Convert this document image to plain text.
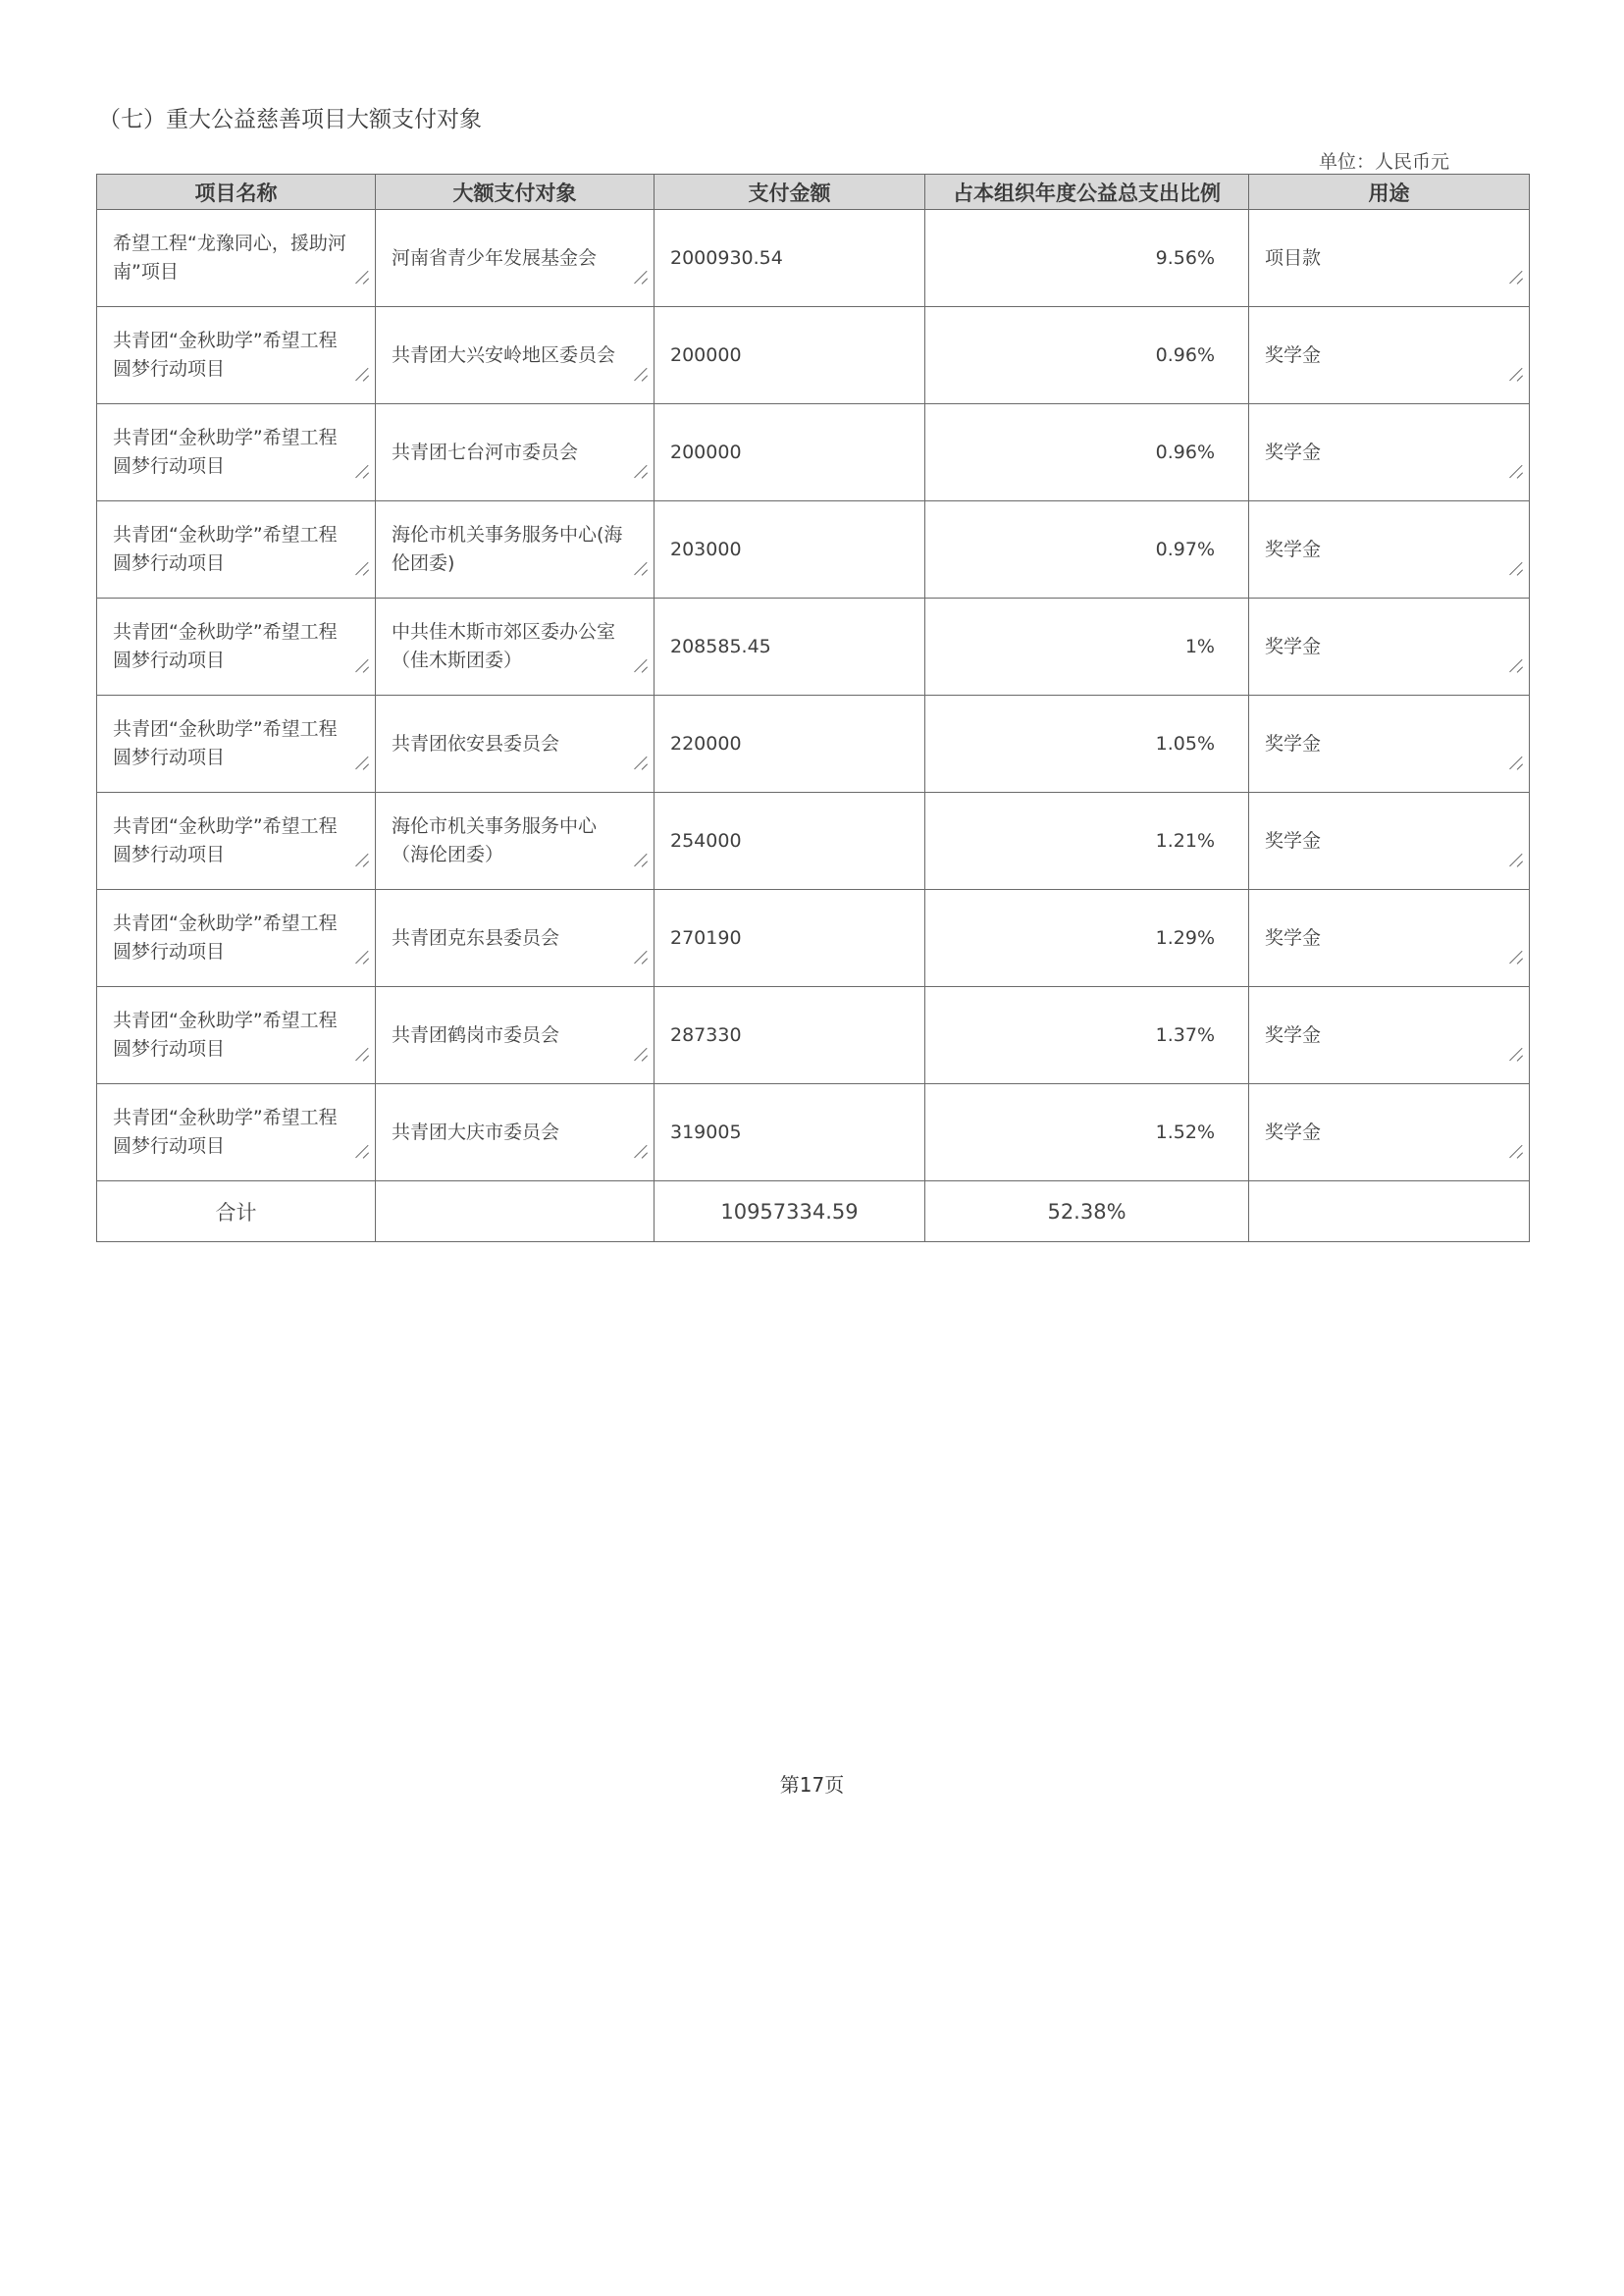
（七）重大公益慈善项目大额支付对象
单位：人民币元
项目名称	大额支付对象	支付金额	占本组织年度公益总支出比例	用途

希望工程“龙豫同心，援助河南”项目	河南省青少年发展基金会	2000930.54	9.56%	项目款

共青团“金秋助学”希望工程圆梦行动项目	共青团大兴安岭地区委员会	200000	0.96%	奖学金

共青团“金秋助学”希望工程圆梦行动项目	共青团七台河市委员会	200000	0.96%	奖学金

共青团“金秋助学”希望工程圆梦行动项目	海伦市机关事务服务中心(海伦团委)	203000	0.97%	奖学金

共青团“金秋助学”希望工程圆梦行动项目	中共佳木斯市郊区委办公室（佳木斯团委）	208585.45	1%	奖学金

共青团“金秋助学”希望工程圆梦行动项目	共青团依安县委员会	220000	1.05%	奖学金

共青团“金秋助学”希望工程圆梦行动项目	海伦市机关事务服务中心（海伦团委）	254000	1.21%	奖学金

共青团“金秋助学”希望工程圆梦行动项目	共青团克东县委员会	270190	1.29%	奖学金

共青团“金秋助学”希望工程圆梦行动项目	共青团鹤岗市委员会	287330	1.37%	奖学金

共青团“金秋助学”希望工程圆梦行动项目	共青团大庆市委员会	319005	1.52%	奖学金

合计		10957334.59	52.38%	
第17页
